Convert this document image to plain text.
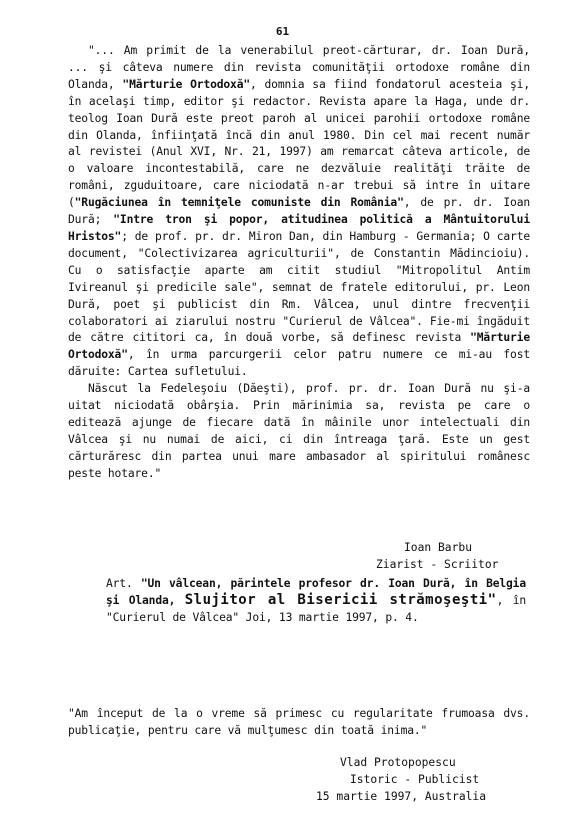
61

"... Am primit de la venerabilul preot-cărturar, dr. Ioan Dură, ... şi câteva numere din revista comunităţii ortodoxe române din Olanda, "Mărturie Ortodoxă", domnia sa fiind fondatorul acesteia şi, în acelaşi timp, editor şi redactor. Revista apare la Haga, unde dr. teolog Ioan Dură este preot paroh al unicei parohii ortodoxe române din Olanda, înfiinţată încă din anul 1980. Din cel mai recent număr al revistei (Anul XVI, Nr. 21, 1997) am remarcat câteva articole, de o valoare incontestabilă, care ne dezvăluie realităţi trăite de români, zguduitoare, care niciodată n-ar trebui să intre în uitare ("Rugăciunea în temniţele comuniste din România", de pr. dr. Ioan Dură; "Intre tron şi popor, atitudinea politică a Mântuitorului Hristos"; de prof. pr. dr. Miron Dan, din Hamburg - Germania; O carte document, "Colectivizarea agriculturii", de Constantin Mădincioiu). Cu o satisfacţie aparte am citit studiul "Mitropolitul Antim Ivireanul şi predicile sale", semnat de fratele editorului, pr. Leon Dură, poet şi publicist din Rm. Vâlcea, unul dintre frecvenţii colaboratori ai ziarului nostru "Curierul de Vâlcea". Fie-mi îngăduit de către cititori ca, în două vorbe, să definesc revista "Mărturie Ortodoxă", în urma parcurgerii celor patru numere ce mi-au fost dăruite: Cartea sufletului.

Născut la Fedeleşoiu (Dăeşti), prof. pr. dr. Ioan Dură nu şi-a uitat niciodată obârşia. Prin mărinimia sa, revista pe care o editează ajunge de fiecare dată în mâinile unor intelectuali din Vâlcea şi nu numai de aici, ci din întreaga ţară. Este un gest cărturăresc din partea unui mare ambasador al spiritului românesc peste hotare."

Ioan Barbu
Ziarist - Scriitor
Art. "Un vâlcean, părintele profesor dr. Ioan Dură, în Belgia şi Olanda, Slujitor al Bisericii strămoşeşti", în "Curierul de Vâlcea" Joi, 13 martie 1997, p. 4.
"Am început de la o vreme să primesc cu regularitate frumoasa dvs. publicaţie, pentru care vă mulţumesc din toată inima."
Vlad Protopopescu
Istoric - Publicist
15 martie 1997, Australia
